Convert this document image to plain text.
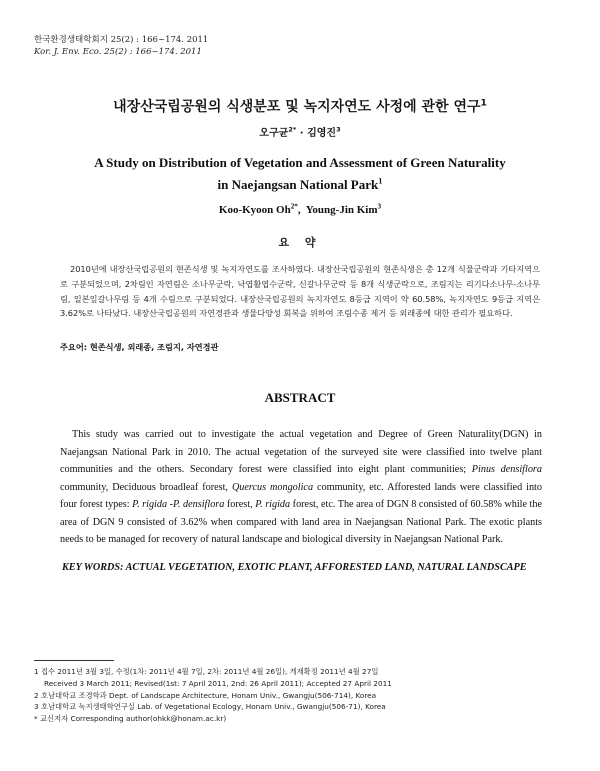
한국환경생태학회지 25(2) : 166~174. 2011
Kor. J. Env. Eco. 25(2) : 166~174. 2011
내장산국립공원의 식생분포 및 녹지자연도 사정에 관한 연구$^1$
오구균$^{2*}$ · 김영진$^3$
A Study on Distribution of Vegetation and Assessment of Green Naturality
in Naejangsan National Park$^1$
Koo-Kyoon $Oh^{2*}$,  Young-Jin Kim$^3$
요 약

2010년에 내장산국립공원의 현존식생 및 녹지자연도를 조사하였다. 내장산국립공원의 현존식생은 총 12개 식물군락과 기타지역으로 구분되었으며, 2차림인 자연림은 소나무군락, 낙엽활엽수군락, 신갈나무군락 등 8개 식생군락으로, 조림지는 리기다소나무-소나무림, 일본잎갈나무림 등 4개 수림으로 구분되었다. 내장산국립공원의 녹지자연도 8등급 지역이 약 60.58%, 녹지자연도 9등급 지역은 3.62%로 나타났다. 내장산국립공원의 자연경관과 생물다양성 회복을 위하여 조림수종 제거 등 외래종에 대한 관리가 필요하다.

주요어: 현존식생, 외래종, 조림지, 자연경관
ABSTRACT

This study was carried out to investigate the actual vegetation and Degree of Green Naturality(DGN) in Naejangsan National Park in 2010. The actual vegetation of the surveyed site were classified into twelve plant communities and the others. Secondary forest were classified into eight plant communities; Pinus densiflora community, Deciduous broadleaf forest, Quercus mongolica community, etc. Afforested lands were classified into four forest types: P. rigida -P. densiflora forest, P. rigida forest, etc. The area of DGN 8 consisted of 60.58% while the area of DGN 9 consisted of 3.62% when compared with land area in Naejangsan National Park. The exotic plants needs to be managed for recovery of natural landscape and biological diversity in Naejangsan National Park.

KEY WORDS: ACTUAL VEGETATION, EXOTIC PLANT, AFFORESTED LAND, NATURAL LANDSCAPE
1 접수 2011년 3월 3일, 수정(1차: 2011년 4월 7일, 2차: 2011년 4월 26일), 게재확정 2011년 4월 27일
Received 3 March 2011; Revised(1st: 7 April 2011, 2nd: 26 April 2011); Accepted 27 April 2011
2 호남대학교 조경학과 Dept. of Landscape Architecture, Honam Univ., Gwangju(506-714), Korea
3 호남대학교 녹지생태학연구실 Lab. of Vegetational Ecology, Honam Univ., Gwangju(506-71), Korea
* 교신저자 Corresponding author(ohkk@honam.ac.kr)
